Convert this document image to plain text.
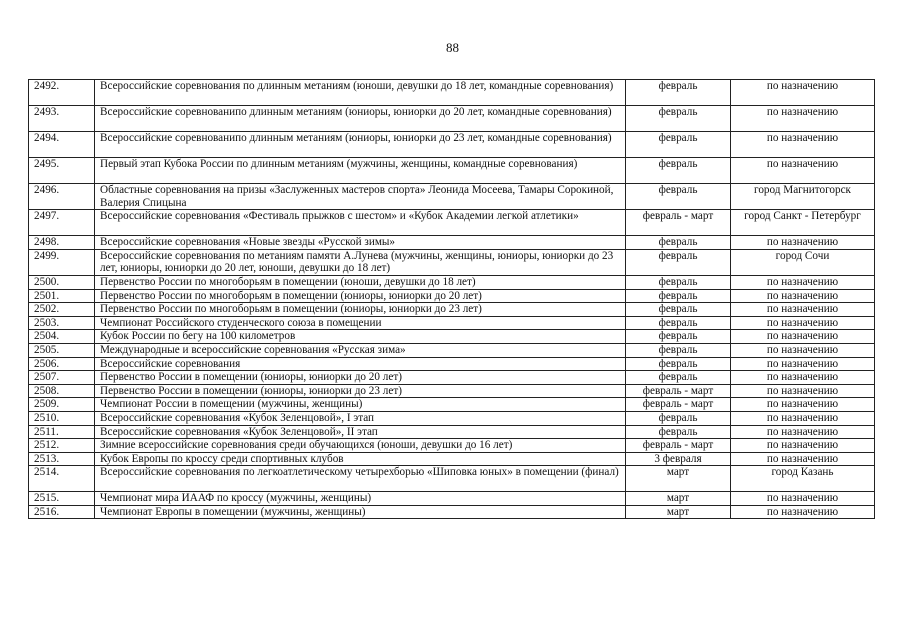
88
2492.	Всероссийские соревнования по длинным метаниям (юноши, девушки до 18 лет, командные соревнования)	февраль	по назначению
2493.	Всероссийские соревнованипо длинным метаниям (юниоры, юниорки до 20 лет, командные соревнования)	февраль	по назначению
2494.	Всероссийские соревнованипо длинным метаниям (юниоры, юниорки до 23 лет, командные соревнования)	февраль	по назначению
2495.	Первый этап Кубока России по длинным метаниям (мужчины, женщины, командные соревнования)	февраль	по назначению
2496.	Областные соревнования на призы «Заслуженных мастеров спорта» Леонида Мосеева, Тамары Сорокиной, Валерия Спицына	февраль	город Магнитогорск
2497.	Всероссийские соревнования «Фестиваль прыжков с шестом» и «Кубок Академии легкой атлетики»	февраль - март	город Санкт - Петербург
2498.	Всероссийские соревнования «Новые звезды «Русской зимы»	февраль	по назначению
2499.	Всероссийские соревнования по метаниям памяти А.Лунева (мужчины, женщины, юниоры, юниорки до 23 лет, юниоры, юниорки до 20 лет, юноши, девушки до 18 лет)	февраль	город Сочи
2500.	Первенство России по многоборьям в помещении (юноши, девушки до 18 лет)	февраль	по назначению
2501.	Первенство России по многоборьям в помещении (юниоры, юниорки до 20 лет)	февраль	по назначению
2502.	Первенство России по многоборьям в помещении (юниоры, юниорки до 23 лет)	февраль	по назначению
2503.	Чемпионат Российского студенческого союза в помещении	февраль	по назначению
2504.	Кубок России по бегу на 100 километров	февраль	по назначению
2505.	Международные и всероссийские соревнования «Русская зима»	февраль	по назначению
2506.	Всероссийские соревнования	февраль	по назначению
2507.	Первенство России в помещении (юниоры, юниорки до 20 лет)	февраль	по назначению
2508.	Первенство России в помещении (юниоры, юниорки до 23 лет)	февраль - март	по назначению
2509.	Чемпионат России в помещении (мужчины, женщины)	февраль - март	по назначению
2510.	Всероссийские соревнования «Кубок Зеленцовой», I этап	февраль	по назначению
2511.	Всероссийские соревнования «Кубок Зеленцовой», II этап	февраль	по назначению
2512.	Зимние всероссийские соревнования среди обучающихся (юноши, девушки до 16 лет)	февраль - март	по назначению
2513.	Кубок Европы по кроссу среди спортивных клубов	3 февраля	по назначению
2514.	Всероссийские соревнования по легкоатлетическому четырехборью «Шиповка юных» в помещении (финал)	март	город Казань
2515.	Чемпионат мира ИААФ по кроссу (мужчины, женщины)	март	по назначению
2516.	Чемпионат Европы в помещении (мужчины, женщины)	март	по назначению
